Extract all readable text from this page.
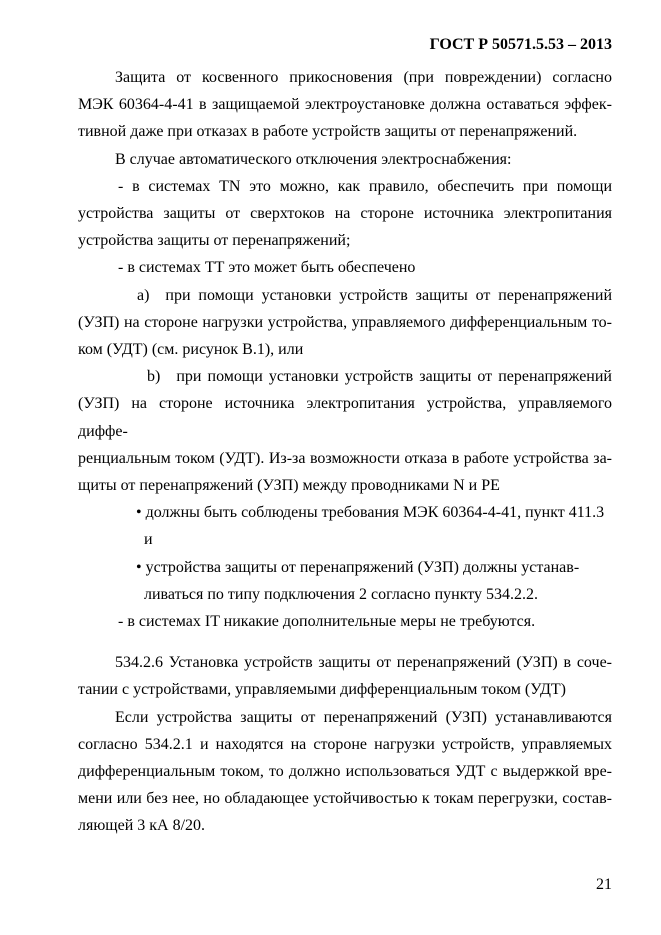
ГОСТ Р 50571.5.53 – 2013
Защита от косвенного прикосновения (при повреждении) согласно
МЭК 60364-4-41 в защищаемой электроустановке должна оставаться эффек-
тивной даже при отказах в работе устройств защиты от перенапряжений.
В случае автоматического отключения электроснабжения:
- в системах TN это можно, как правило, обеспечить при помощи
устройства защиты от сверхтоков на стороне источника электропитания
устройства защиты от перенапряжений;
- в системах ТТ это может быть обеспечено
a) при помощи установки устройств защиты от перенапряжений
(УЗП) на стороне нагрузки устройства, управляемого дифференциальным то-
ком (УДТ) (см. рисунок В.1), или
b) при помощи установки устройств защиты от перенапряжений
(УЗП) на стороне источника электропитания устройства, управляемого диффе-
ренциальным током (УДТ). Из-за возможности отказа в работе устройства за-
щиты от перенапряжений (УЗП) между проводниками N и PE
• должны быть соблюдены требования МЭК 60364-4-41, пункт 411.3
и
• устройства защиты от перенапряжений (УЗП) должны устанав-
ливаться по типу подключения 2 согласно пункту 534.2.2.
- в системах IT никакие дополнительные меры не требуются.
534.2.6 Установка устройств защиты от перенапряжений (УЗП) в соче-
тании с устройствами, управляемыми дифференциальным током (УДТ)
Если устройства защиты от перенапряжений (УЗП) устанавливаются
согласно 534.2.1 и находятся на стороне нагрузки устройств, управляемых
дифференциальным током, то должно использоваться УДТ с выдержкой вре-
мени или без нее, но обладающее устойчивостью к токам перегрузки, состав-
ляющей 3 кА 8/20.
21
